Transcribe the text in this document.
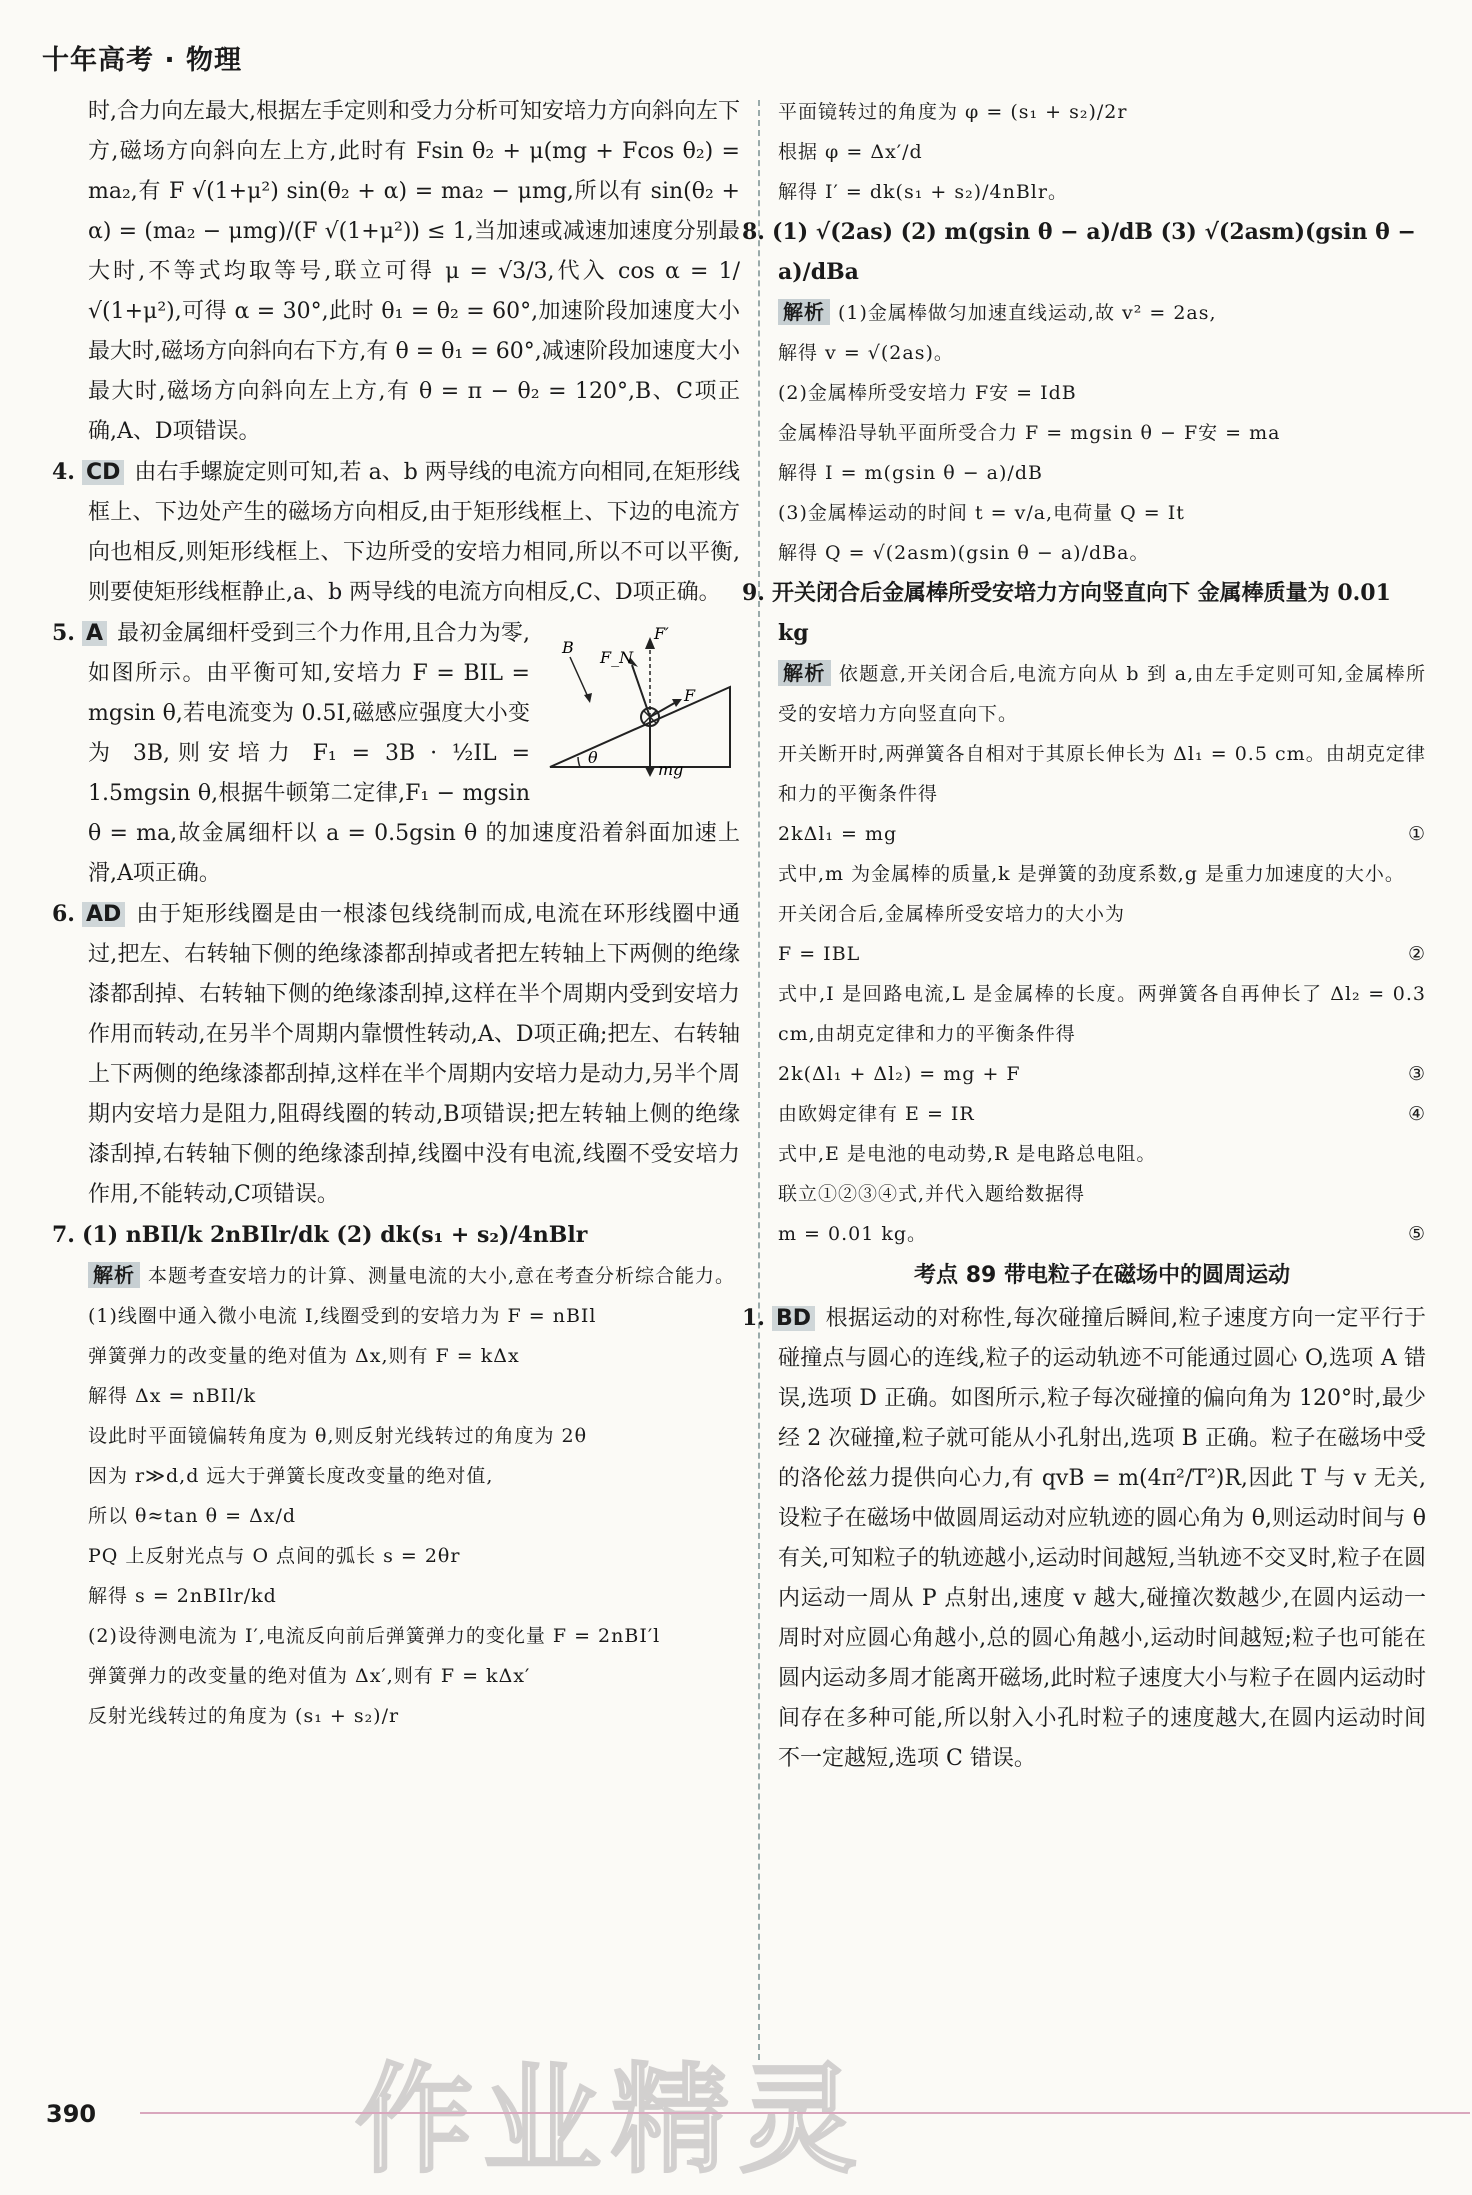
十年高考 · 物理

时,合力向左最大,根据左手定则和受力分析可知安培力方向斜向左下方,磁场方向斜向左上方,此时有 Fsin θ₂ + μ(mg + Fcos θ₂) = ma₂,有 F √(1+μ²) sin(θ₂ + α) = ma₂ − μmg,所以有 sin(θ₂ + α) = (ma₂ − μmg)/(F √(1+μ²)) ≤ 1,当加速或减速加速度分别最大时,不等式均取等号,联立可得 μ = √3/3,代入 cos α = 1/√(1+μ²),可得 α = 30°,此时 θ₁ = θ₂ = 60°,加速阶段加速度大小最大时,磁场方向斜向右下方,有 θ = θ₁ = 60°,减速阶段加速度大小最大时,磁场方向斜向左上方,有 θ = π − θ₂ = 120°,B、C项正确,A、D项错误。

4. CD 由右手螺旋定则可知,若 a、b 两导线的电流方向相同,在矩形线框上、下边处产生的磁场方向相反,由于矩形线框上、下边的电流方向也相反,则矩形线框上、下边所受的安培力相同,所以不可以平衡,则要使矩形线框静止,a、b 两导线的电流方向相反,C、D项正确。

θ
mg
F_N
F
F′
B
5. A 最初金属细杆受到三个力作用,且合力为零,如图所示。由平衡可知,安培力 F = BIL = mgsin θ,若电流变为 0.5I,磁感应强度大小变为 3B,则安培力 F₁ = 3B · ½IL = 1.5mgsin θ,根据牛顿第二定律,F₁ − mgsin θ = ma,故金属细杆以 a = 0.5gsin θ 的加速度沿着斜面加速上滑,A项正确。

6. AD 由于矩形线圈是由一根漆包线绕制而成,电流在环形线圈中通过,把左、右转轴下侧的绝缘漆都刮掉或者把左转轴上下两侧的绝缘漆都刮掉、右转轴下侧的绝缘漆刮掉,这样在半个周期内受到安培力作用而转动,在另半个周期内靠惯性转动,A、D项正确;把左、右转轴上下两侧的绝缘漆都刮掉,这样在半个周期内安培力是动力,另半个周期内安培力是阻力,阻碍线圈的转动,B项错误;把左转轴上侧的绝缘漆刮掉,右转轴下侧的绝缘漆刮掉,线圈中没有电流,线圈不受安培力作用,不能转动,C项错误。

7. (1) nBIl/k 2nBIlr/dk (2) dk(s₁ + s₂)/4nBlr

解析 本题考查安培力的计算、测量电流的大小,意在考查分析综合能力。

(1)线圈中通入微小电流 I,线圈受到的安培力为 F = nBIl

弹簧弹力的改变量的绝对值为 Δx,则有 F = kΔx

解得 Δx = nBIl/k

设此时平面镜偏转角度为 θ,则反射光线转过的角度为 2θ

因为 r≫d,d 远大于弹簧长度改变量的绝对值,

所以 θ≈tan θ = Δx/d

PQ 上反射光点与 O 点间的弧长 s = 2θr

解得 s = 2nBIlr/kd

(2)设待测电流为 I′,电流反向前后弹簧弹力的变化量 F = 2nBI′l

弹簧弹力的改变量的绝对值为 Δx′,则有 F = kΔx′

反射光线转过的角度为 (s₁ + s₂)/r

平面镜转过的角度为 φ = (s₁ + s₂)/2r

根据 φ = Δx′/d

解得 I′ = dk(s₁ + s₂)/4nBlr。

8. (1) √(2as) (2) m(gsin θ − a)/dB (3) √(2asm)(gsin θ − a)/dBa

解析 (1)金属棒做匀加速直线运动,故 v² = 2as,

解得 v = √(2as)。

(2)金属棒所受安培力 F安 = IdB

金属棒沿导轨平面所受合力 F = mgsin θ − F安 = ma

解得 I = m(gsin θ − a)/dB

(3)金属棒运动的时间 t = v/a,电荷量 Q = It

解得 Q = √(2asm)(gsin θ − a)/dBa。

9. 开关闭合后金属棒所受安培力方向竖直向下 金属棒质量为 0.01 kg

解析 依题意,开关闭合后,电流方向从 b 到 a,由左手定则可知,金属棒所受的安培力方向竖直向下。

开关断开时,两弹簧各自相对于其原长伸长为 Δl₁ = 0.5 cm。由胡克定律和力的平衡条件得

2kΔl₁ = mg	①

式中,m 为金属棒的质量,k 是弹簧的劲度系数,g 是重力加速度的大小。

开关闭合后,金属棒所受安培力的大小为

F = IBL	②

式中,I 是回路电流,L 是金属棒的长度。两弹簧各自再伸长了 Δl₂ = 0.3 cm,由胡克定律和力的平衡条件得

2k(Δl₁ + Δl₂) = mg + F	③

由欧姆定律有 E = IR	④

式中,E 是电池的电动势,R 是电路总电阻。

联立①②③④式,并代入题给数据得

m = 0.01 kg。	⑤

考点 89 带电粒子在磁场中的圆周运动

1. BD 根据运动的对称性,每次碰撞后瞬间,粒子速度方向一定平行于碰撞点与圆心的连线,粒子的运动轨迹不可能通过圆心 O,选项 A 错误,选项 D 正确。如图所示,粒子每次碰撞的偏向角为 120°时,最少经 2 次碰撞,粒子就可能从小孔射出,选项 B 正确。粒子在磁场中受的洛伦兹力提供向心力,有 qvB = m(4π²/T²)R,因此 T 与 v 无关,设粒子在磁场中做圆周运动对应轨迹的圆心角为 θ,则运动时间与 θ 有关,可知粒子的轨迹越小,运动时间越短,当轨迹不交叉时,粒子在圆内运动一周从 P 点射出,速度 v 越大,碰撞次数越少,在圆内运动一周时对应圆心角越小,总的圆心角越小,运动时间越短;粒子也可能在圆内运动多周才能离开磁场,此时粒子速度大小与粒子在圆内运动时间存在多种可能,所以射入小孔时粒子的速度越大,在圆内运动时间不一定越短,选项 C 错误。

作业精灵
390
